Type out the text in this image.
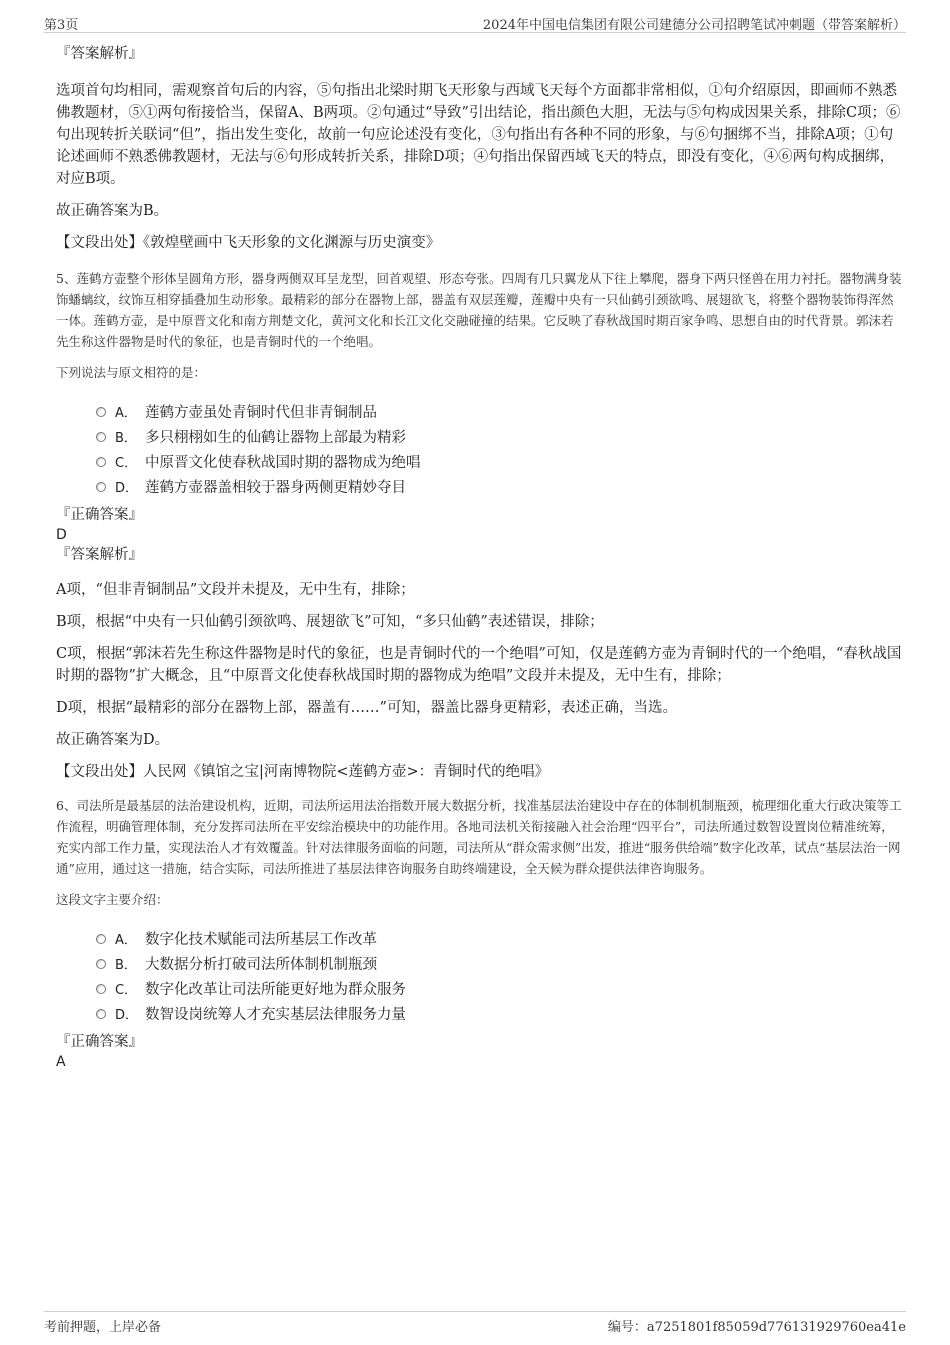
第3页	2024年中国电信集团有限公司建德分公司招聘笔试冲刺题（带答案解析）

『答案解析』

选项首句均相同，需观察首句后的内容，⑤句指出北梁时期飞天形象与西域飞天每个方面都非常相似，①句介绍原因，即画师不熟悉佛教题材，⑤①两句衔接恰当，保留A、B两项。②句通过“导致”引出结论，指出颜色大胆，无法与⑤句构成因果关系，排除C项；⑥句出现转折关联词“但”，指出发生变化，故前一句应论述没有变化，③句指出有各种不同的形象，与⑥句捆绑不当，排除A项；①句论述画师不熟悉佛教题材，无法与⑥句形成转折关系，排除D项；④句指出保留西域飞天的特点，即没有变化，④⑥两句构成捆绑，对应B项。

故正确答案为B。

【文段出处】《敦煌壁画中飞天形象的文化渊源与历史演变》

5、莲鹤方壶整个形体呈圆角方形，器身两侧双耳呈龙型，回首观望、形态夸张。四周有几只翼龙从下往上攀爬，器身下两只怪兽在用力衬托。器物满身装饰蟠螭纹，纹饰互相穿插叠加生动形象。最精彩的部分在器物上部，器盖有双层莲瓣，莲瓣中央有一只仙鹤引颈欲鸣、展翅欲飞，将整个器物装饰得浑然一体。莲鹤方壶，是中原晋文化和南方荆楚文化，黄河文化和长江文化交融碰撞的结果。它反映了春秋战国时期百家争鸣、思想自由的时代背景。郭沫若先生称这件器物是时代的象征，也是青铜时代的一个绝唱。

下列说法与原文相符的是：

A． 莲鹤方壶虽处青铜时代但非青铜制品
B． 多只栩栩如生的仙鹤让器物上部最为精彩
C． 中原晋文化使春秋战国时期的器物成为绝唱
D． 莲鹤方壶器盖相较于器身两侧更精妙夺目

『正确答案』

D

『答案解析』

A项，“但非青铜制品”文段并未提及，无中生有，排除；

B项，根据“中央有一只仙鹤引颈欲鸣、展翅欲飞”可知，“多只仙鹤”表述错误，排除；

C项，根据“郭沫若先生称这件器物是时代的象征，也是青铜时代的一个绝唱”可知，仅是莲鹤方壶为青铜时代的一个绝唱，“春秋战国时期的器物”扩大概念，且“中原晋文化使春秋战国时期的器物成为绝唱”文段并未提及，无中生有，排除；

D项，根据“最精彩的部分在器物上部，器盖有……”可知，器盖比器身更精彩，表述正确，当选。

故正确答案为D。

【文段出处】人民网《镇馆之宝|河南博物院<莲鹤方壶>：青铜时代的绝唱》

6、司法所是最基层的法治建设机构，近期，司法所运用法治指数开展大数据分析，找准基层法治建设中存在的体制机制瓶颈，梳理细化重大行政决策等工作流程，明确管理体制，充分发挥司法所在平安综治模块中的功能作用。各地司法机关衔接融入社会治理“四平台”，司法所通过数智设置岗位精准统筹，充实内部工作力量，实现法治人才有效覆盖。针对法律服务面临的问题，司法所从“群众需求侧”出发，推进“服务供给端”数字化改革，试点“基层法治一网通”应用，通过这一措施，结合实际，司法所推进了基层法律咨询服务自助终端建设，全天候为群众提供法律咨询服务。

这段文字主要介绍：

A． 数字化技术赋能司法所基层工作改革
B． 大数据分析打破司法所体制机制瓶颈
C． 数字化改革让司法所能更好地为群众服务
D． 数智设岗统筹人才充实基层法律服务力量

『正确答案』

A

考前押题，上岸必备	编号：a7251801f85059d776131929760ea41e
